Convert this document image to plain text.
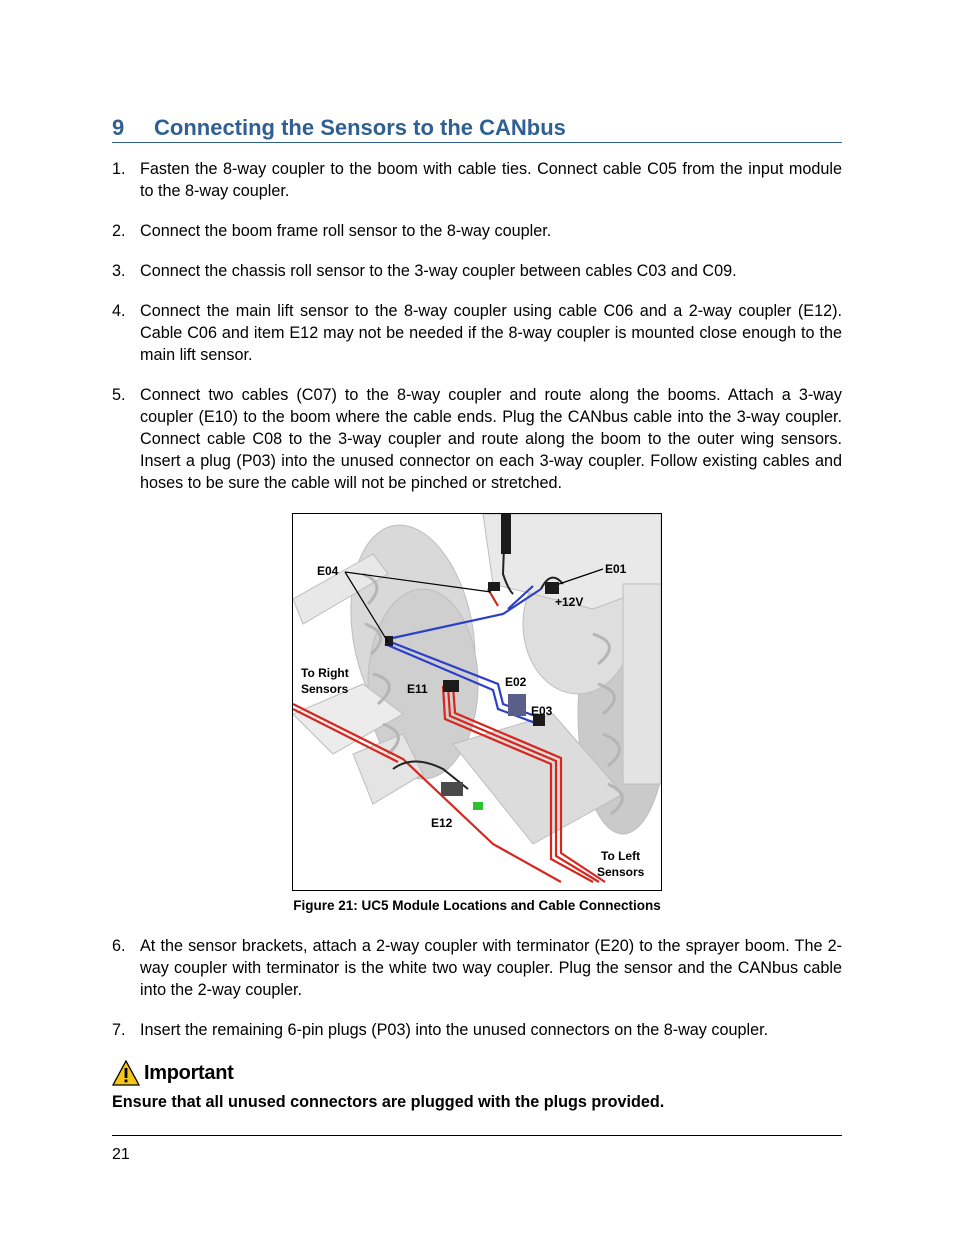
9	Connecting the Sensors to the CANbus
1. Fasten the 8-way coupler to the boom with cable ties. Connect cable C05 from the input module to the 8-way coupler.
2. Connect the boom frame roll sensor to the 8-way coupler.
3. Connect the chassis roll sensor to the 3-way coupler between cables C03 and C09.
4. Connect the main lift sensor to the 8-way coupler using cable C06 and a 2-way coupler (E12). Cable C06 and item E12 may not be needed if the 8-way coupler is mounted close enough to the main lift sensor.
5. Connect two cables (C07) to the 8-way coupler and route along the booms. Attach a 3-way coupler (E10) to the boom where the cable ends. Plug the CANbus cable into the 3-way coupler. Connect cable C08 to the 3-way coupler and route along the boom to the outer wing sensors. Insert a plug (P03) into the unused connector on each 3-way coupler. Follow existing cables and hoses to be sure the cable will not be pinched or stretched.
E04	E01
+12V
To Right
Sensors	E11	E02
E03
E12
To Left
Sensors
Figure 21: UC5 Module Locations and Cable Connections
6. At the sensor brackets, attach a 2-way coupler with terminator (E20) to the sprayer boom. The 2-way coupler with terminator is the white two way coupler. Plug the sensor and the CANbus cable into the 2-way coupler.
7. Insert the remaining 6-pin plugs (P03) into the unused connectors on the 8-way coupler.
Important
Ensure that all unused connectors are plugged with the plugs provided.
21
